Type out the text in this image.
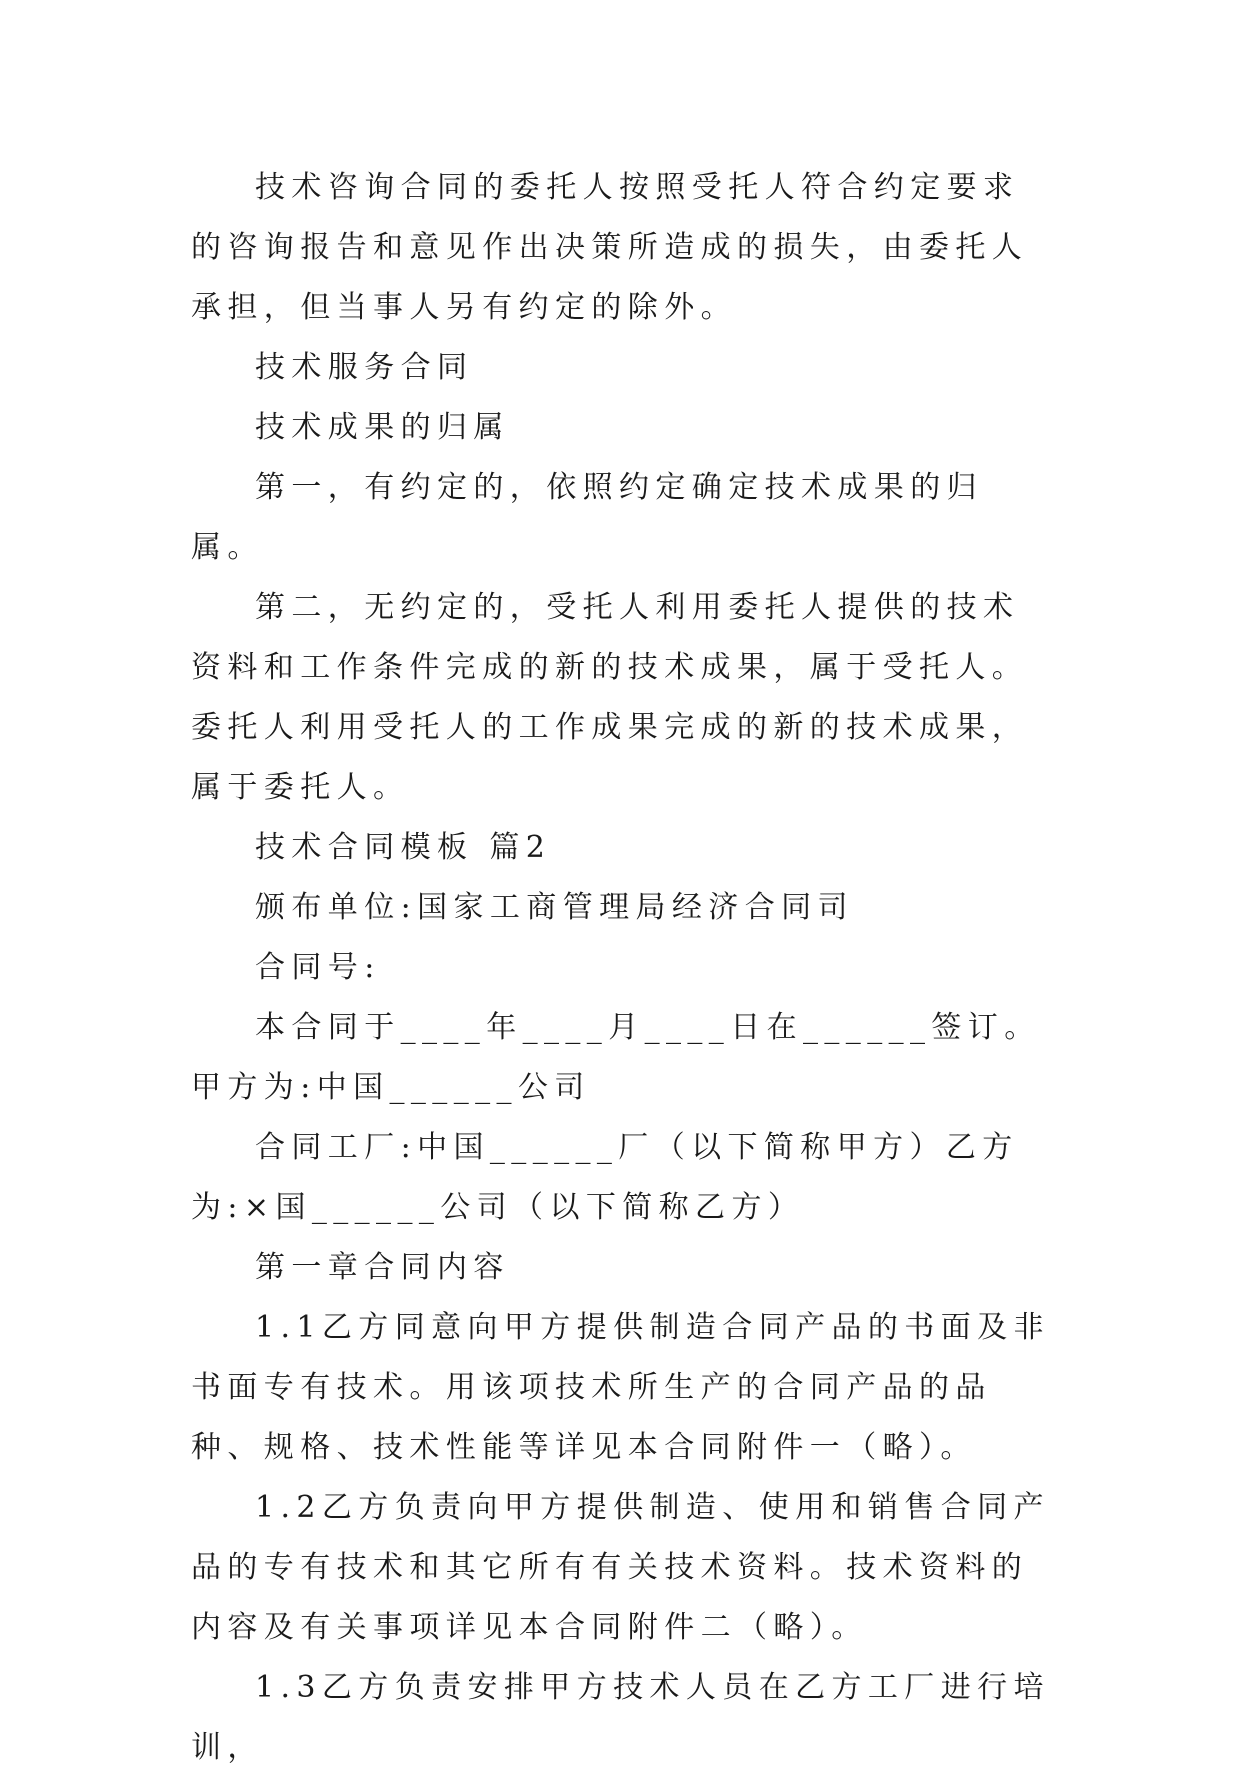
技术咨询合同的委托人按照受托人符合约定要求的咨询报告和意见作出决策所造成的损失，由委托人承担，但当事人另有约定的除外。

技术服务合同

技术成果的归属

第一，有约定的，依照约定确定技术成果的归属。

第二，无约定的，受托人利用委托人提供的技术资料和工作条件完成的新的技术成果，属于受托人。委托人利用受托人的工作成果完成的新的技术成果，属于委托人。

技术合同模板 篇2

颁布单位:国家工商管理局经济合同司

合同号:

本合同于____年____月____日在______签订。甲方为:中国______公司

合同工厂:中国______厂（以下简称甲方）乙方为:×国______公司（以下简称乙方）

第一章合同内容

1.1乙方同意向甲方提供制造合同产品的书面及非书面专有技术。用该项技术所生产的合同产品的品种、规格、技术性能等详见本合同附件一（略）。

1.2乙方负责向甲方提供制造、使用和销售合同产品的专有技术和其它所有有关技术资料。技术资料的内容及有关事项详见本合同附件二（略）。

1.3乙方负责安排甲方技术人员在乙方工厂进行培训，
